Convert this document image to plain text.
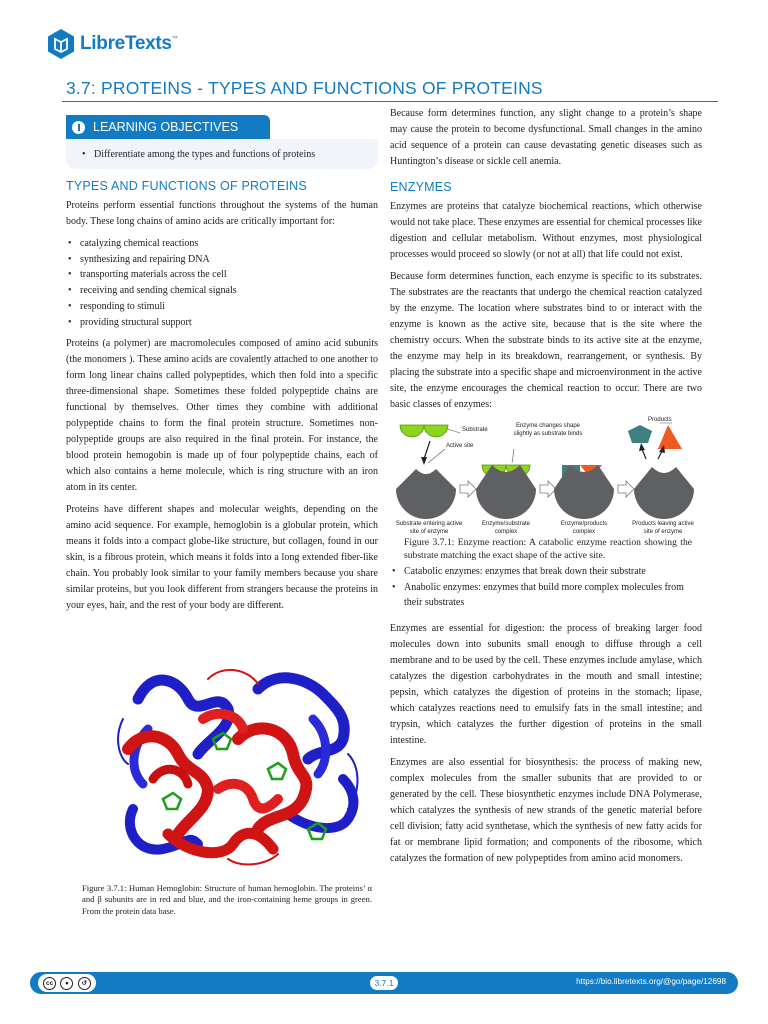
LibreTexts ™
3.7: PROTEINS - TYPES AND FUNCTIONS OF PROTEINS
LEARNING OBJECTIVES
• Differentiate among the types and functions of proteins
TYPES AND FUNCTIONS OF PROTEINS

Proteins perform essential functions throughout the systems of the human body. These long chains of amino acids are critically important for:

• catalyzing chemical reactions
• synthesizing and repairing DNA
• transporting materials across the cell
• receiving and sending chemical signals
• responding to stimuli
• providing structural support

Proteins (a polymer) are macromolecules composed of amino acid subunits (the monomers ). These amino acids are covalently attached to one another to form long linear chains called polypeptides, which then fold into a specific three-dimensional shape. Sometimes these folded polypeptide chains are functional by themselves. Other times they combine with additional polypeptide chains to form the final protein structure. Sometimes non-polypeptide groups are also required in the final protein. For instance, the blood protein hemogobin is made up of four polypeptide chains, each of which also contains a heme molecule, which is ring structure with an iron atom in its center.

Proteins have different shapes and molecular weights, depending on the amino acid sequence. For example, hemoglobin is a globular protein, which means it folds into a compact globe-like structure, but collagen, found in our skin, is a fibrous protein, which means it folds into a long extended fiber-like chain. You probably look similar to your family members because you share similar proteins, but you look different from strangers because the proteins in your eyes, hair, and the rest of your body are different.

Figure 3.7.1: Human Hemoglobin: Structure of human hemoglobin. The proteins’ α and β subunits are in red and blue, and the iron-containing heme groups in green. From the protein data base.

Because form determines function, any slight change to a protein’s shape may cause the protein to become dysfunctional. Small changes in the amino acid sequence of a protein can cause devastating genetic diseases such as Huntington’s disease or sickle cell anemia.

ENZYMES

Enzymes are proteins that catalyze biochemical reactions, which otherwise would not take place. These enzymes are essential for chemical processes like digestion and cellular metabolism. Without enzymes, most physiological processes would proceed so slowly (or not at all) that life could not exist.

Because form determines function, each enzyme is specific to its substrates. The substrates are the reactants that undergo the chemical reaction catalyzed by the enzyme. The location where substrates bind to or interact with the enzyme is known as the active site, because that is the site where the chemistry occurs. When the substrate binds to its active site at the enzyme, the enzyme may help in its breakdown, rearrangement, or synthesis. By placing the substrate into a specific shape and microenvironment in the active site, the enzyme encourages the chemical reaction to occur. There are two basic classes of enzymes:

Substrate
Active site
Enzyme changes shape slightly as substrate binds
Products
Substrate entering active site of enzyme
Enzyme/substrate complex
Enzyme/products complex
Products leaving active site of enzyme

Figure 3.7.1: Enzyme reaction: A catabolic enzyme reaction showing the substrate matching the exact shape of the active site.

• Catabolic enzymes: enzymes that break down their substrate
• Anabolic enzymes: enzymes that build more complex molecules from their substrates

Enzymes are essential for digestion: the process of breaking larger food molecules down into subunits small enough to diffuse through a cell membrane and to be used by the cell. These enzymes include amylase, which catalyzes the digestion carbohydrates in the mouth and small intestine; pepsin, which catalyzes the digestion of proteins in the stomach; lipase, which catalyzes reactions need to emulsify fats in the small intestine; and trypsin, which catalyzes the further digestion of proteins in the small intestine.

Enzymes are also essential for biosynthesis: the process of making new, complex molecules from the smaller subunits that are provided to or generated by the cell. These biosynthetic enzymes include DNA Polymerase, which catalyzes the synthesis of new strands of the genetic material before cell division; fatty acid synthetase, which the synthesis of new fatty acids for fat or membrane lipid formation; and components of the ribosome, which catalyzes the formation of new polypeptides from amino acid monomers.

cc	●	↺	3.7.1	https://bio.libretexts.org/@go/page/12698
